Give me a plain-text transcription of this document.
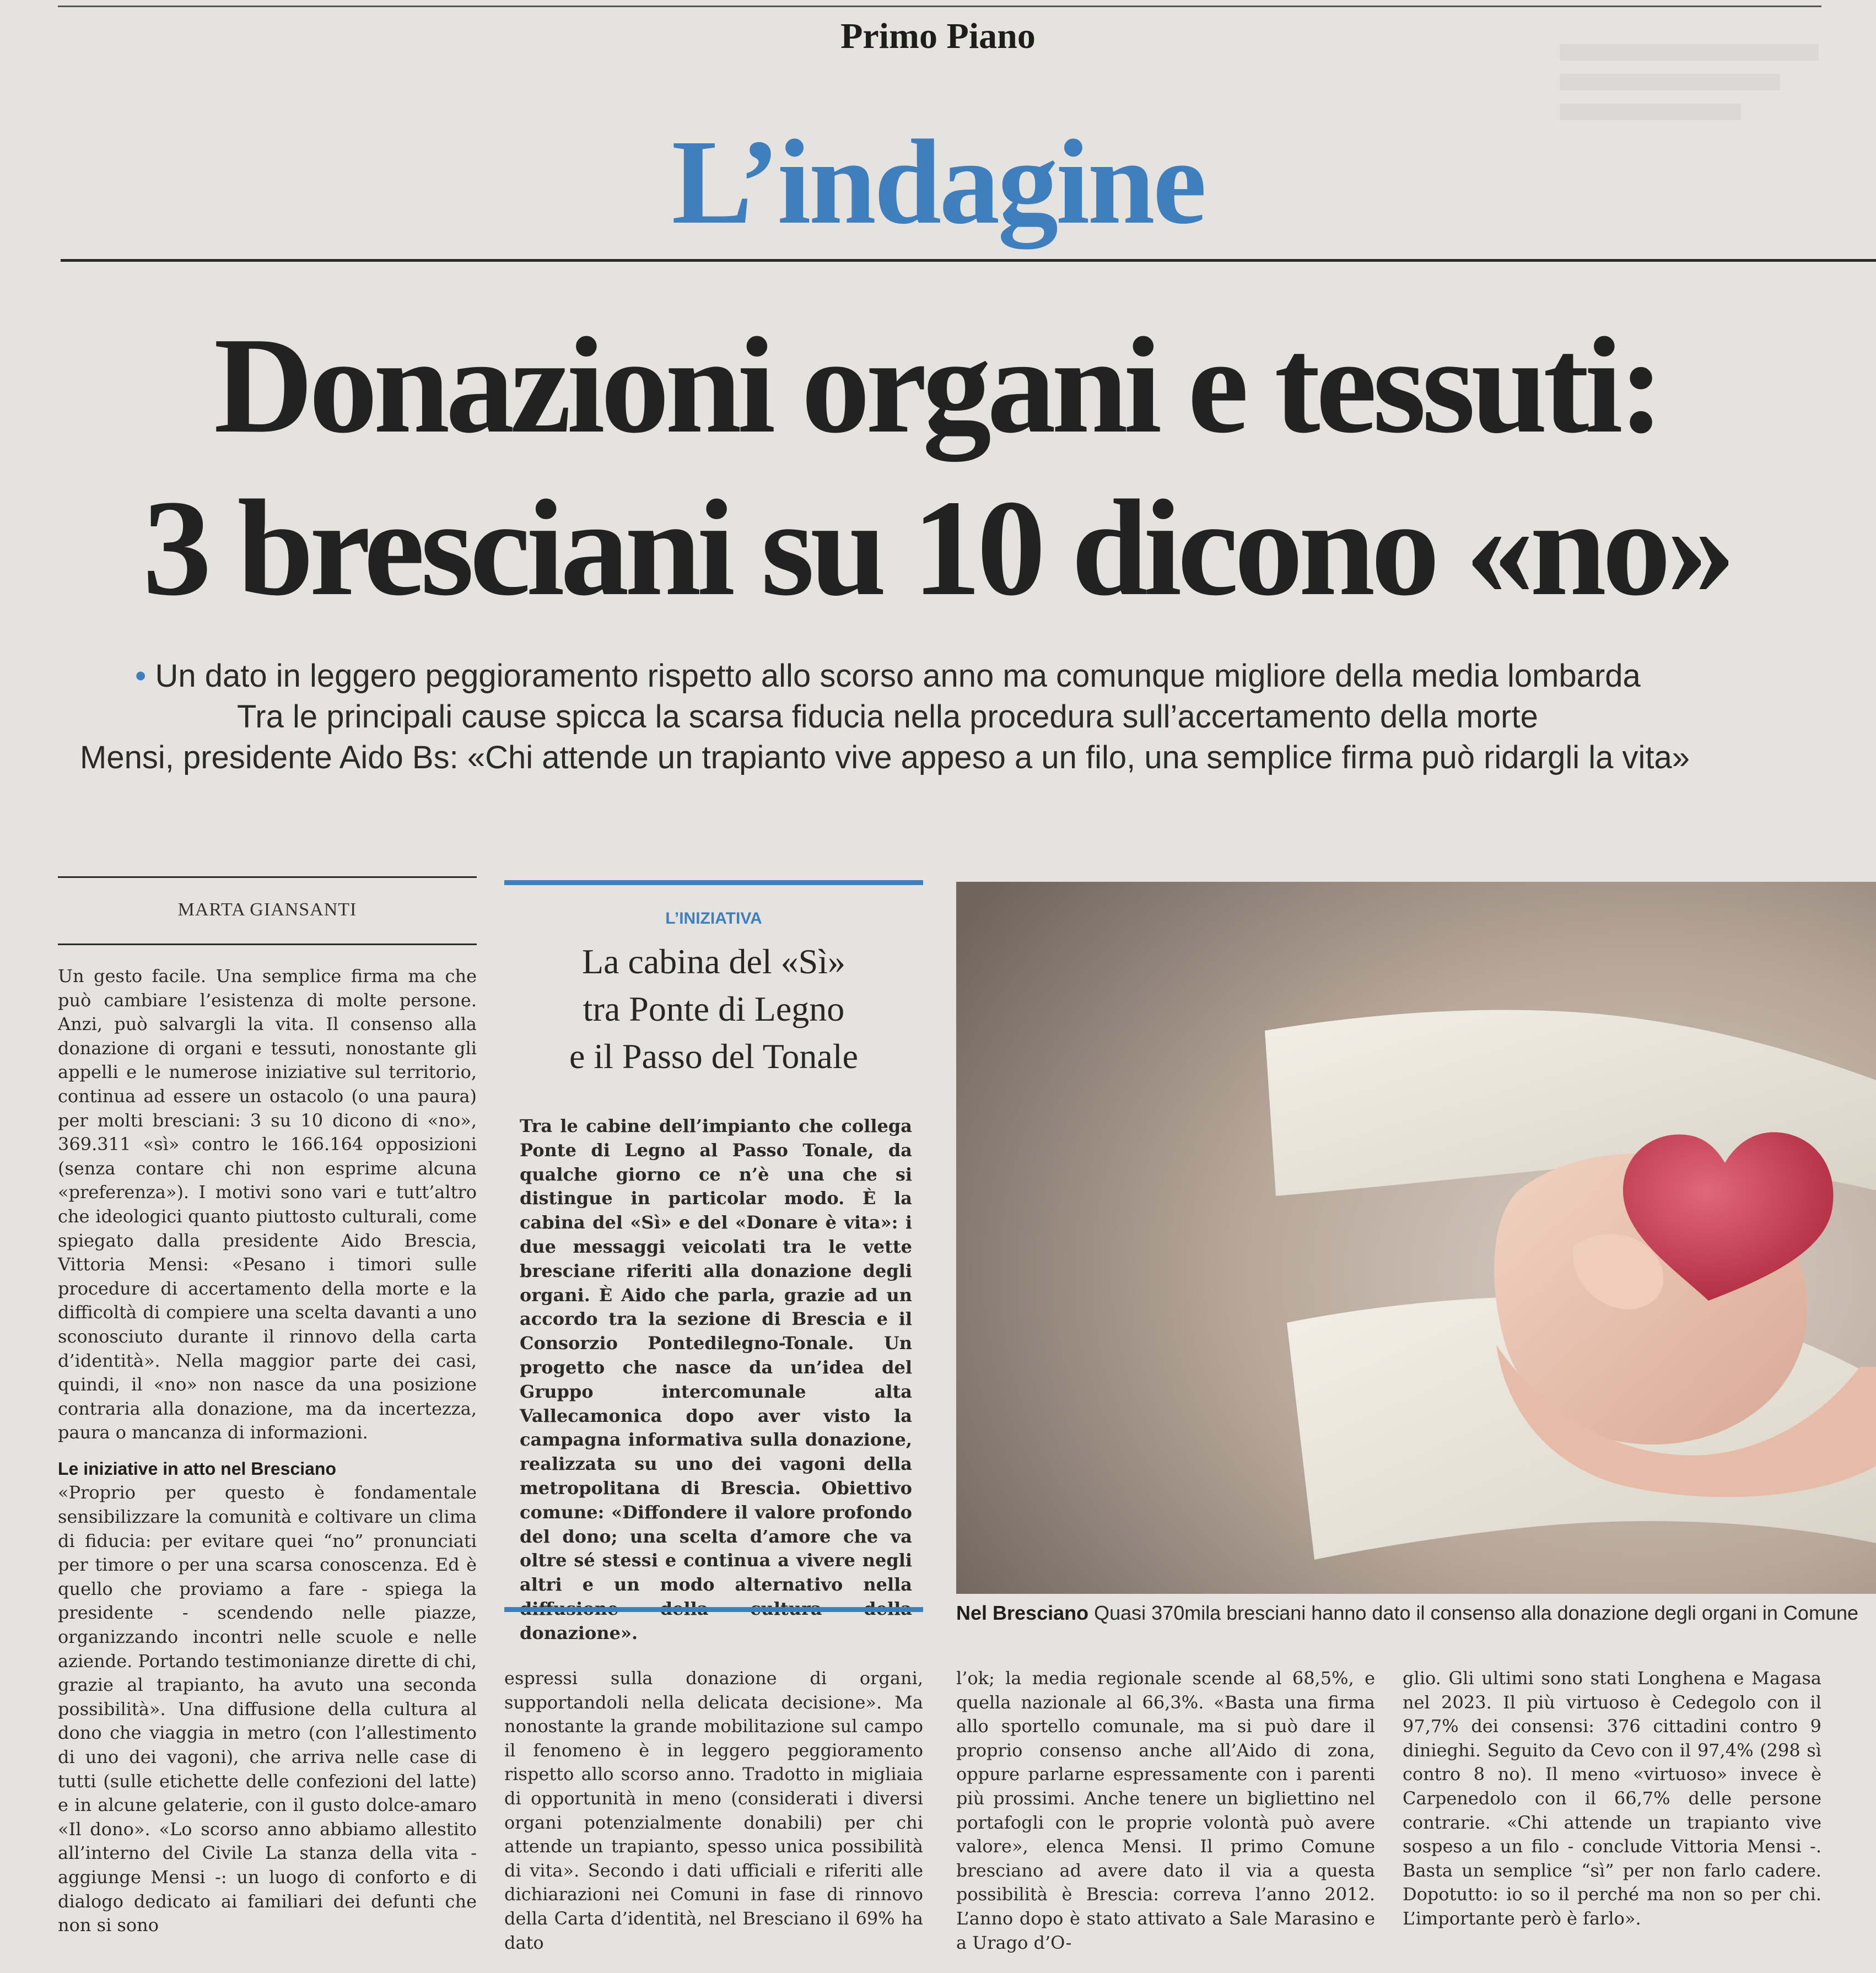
Primo Piano
L’indagine
Donazioni organi e tessuti:
3 bresciani su 10 dicono «no»
• Un dato in leggero peggioramento rispetto allo scorso anno ma comunque migliore della media lombarda
Tra le principali cause spicca la scarsa fiducia nella procedura sull’accertamento della morte
Mensi, presidente Aido Bs: «Chi attende un trapianto vive appeso a un filo, una semplice firma può ridargli la vita»
MARTA GIANSANTI

Un gesto facile. Una semplice firma ma che può cambiare l’esistenza di molte persone. Anzi, può salvargli la vita. Il consenso alla donazione di organi e tessuti, nonostante gli appelli e le numerose iniziative sul territorio, continua ad essere un ostacolo (o una paura) per molti bresciani: 3 su 10 dicono di «no», 369.311 «sì» contro le 166.164 opposizioni (senza contare chi non esprime alcuna «preferenza»). I motivi sono vari e tutt’altro che ideologici quanto piuttosto culturali, come spiegato dalla presidente Aido Brescia, Vittoria Mensi: «Pesano i timori sulle procedure di accertamento della morte e la difficoltà di compiere una scelta davanti a uno sconosciuto durante il rinnovo della carta d’identità». Nella maggior parte dei casi, quindi, il «no» non nasce da una posizione contraria alla donazione, ma da incertezza, paura o mancanza di informazioni.

Le iniziative in atto nel Bresciano

«Proprio per questo è fondamentale sensibilizzare la comunità e coltivare un clima di fiducia: per evitare quei “no” pronunciati per timore o per una scarsa conoscenza. Ed è quello che proviamo a fare - spiega la presidente - scendendo nelle piazze, organizzando incontri nelle scuole e nelle aziende. Portando testimonianze dirette di chi, grazie al trapianto, ha avuto una seconda possibilità». Una diffusione della cultura al dono che viaggia in metro (con l’allestimento di uno dei vagoni), che arriva nelle case di tutti (sulle etichette delle confezioni del latte) e in alcune gelaterie, con il gusto dolce-amaro «Il dono». «Lo scorso anno abbiamo allestito all’interno del Civile La stanza della vita - aggiunge Mensi -: un luogo di conforto e di dialogo dedicato ai familiari dei defunti che non si sono

L’INIZIATIVA
La cabina del «Sì»
tra Ponte di Legno
e il Passo del Tonale

Tra le cabine dell’impianto che collega Ponte di Legno al Passo Tonale, da qualche giorno ce n’è una che si distingue in particolar modo. È la cabina del «Sì» e del «Donare è vita»: i due messaggi veicolati tra le vette bresciane riferiti alla donazione degli organi. È Aido che parla, grazie ad un accordo tra la sezione di Brescia e il Consorzio Pontedilegno-Tonale. Un progetto che nasce da un’idea del Gruppo intercomunale alta Vallecamonica dopo aver visto la campagna informativa sulla donazione, realizzata su uno dei vagoni della metropolitana di Brescia. Obiettivo comune: «Diffondere il valore profondo del dono; una scelta d’amore che va oltre sé stessi e continua a vivere negli altri e un modo alternativo nella donazione».

Nel Bresciano Quasi 370mila bresciani hanno dato il consenso alla donazione degli organi in Comune
espressi sulla donazione di organi, supportandoli nella delicata decisione». Ma nonostante la grande mobilitazione sul campo il fenomeno è in leggero peggioramento rispetto allo scorso anno. Tradotto in migliaia di opportunità in meno (considerati i diversi organi potenzialmente donabili) per chi attende un trapianto, spesso unica possibilità di vita». Secondo i dati ufficiali e riferiti alle dichiarazioni nei Comuni in fase di rinnovo della Carta d’identità, nel Bresciano il 69% ha dato
l’ok; la media regionale scende al 68,5%, e quella nazionale al 66,3%. «Basta una firma allo sportello comunale, ma si può dare il proprio consenso anche all’Aido di zona, oppure parlarne espressamente con i parenti più prossimi. Anche tenere un bigliettino nel portafogli con le proprie volontà può avere valore», elenca Mensi. Il primo Comune bresciano ad avere dato il via a questa possibilità è Brescia: correva l’anno 2012. L’anno dopo è stato attivato a Sale Marasino e a Urago d’O-
glio. Gli ultimi sono stati Longhena e Magasa nel 2023. Il più virtuoso è Cedegolo con il 97,7% dei consensi: 376 cittadini contro 9 dinieghi. Seguito da Cevo con il 97,4% (298 sì contro 8 no). Il meno «virtuoso» invece è Carpenedolo con il 66,7% delle persone contrarie. «Chi attende un trapianto vive sospeso a un filo - conclude Vittoria Mensi -. Basta un semplice “sì” per non farlo cadere. Dopotutto: io so il perché ma non so per chi. L’importante però è farlo».
